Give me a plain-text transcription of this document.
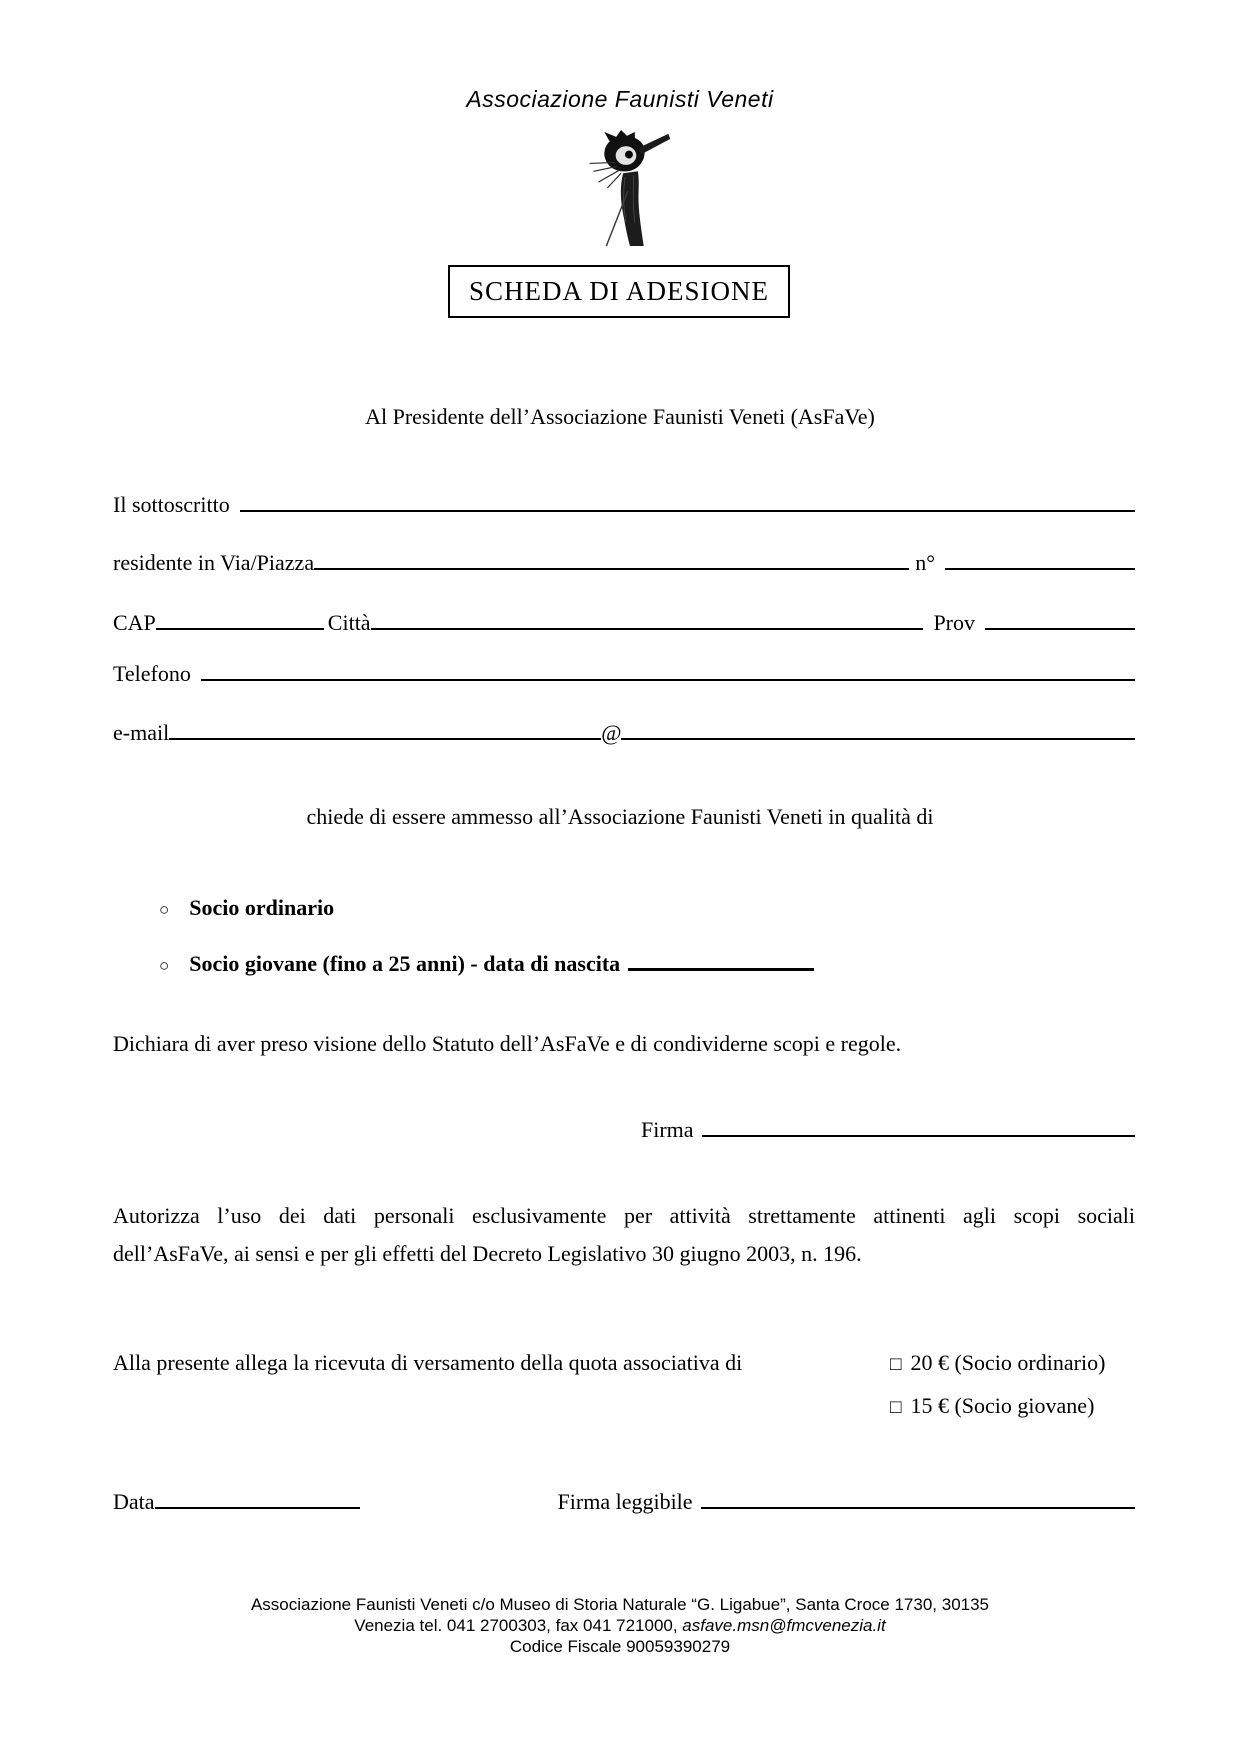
Associazione Faunisti Veneti
SCHEDA DI ADESIONE
Al Presidente dell’Associazione Faunisti Veneti (AsFaVe)
Il sottoscritto
residente in Via/Piazza	n°
CAP	Città	Prov
Telefono
e-mail	@
chiede di essere ammesso all’Associazione Faunisti Veneti in qualità di
○ Socio ordinario
○ Socio giovane (fino a 25 anni) - data di nascita
Dichiara di aver preso visione dello Statuto dell’AsFaVe e di condividerne scopi e regole.
Firma
Autorizza l’uso dei dati personali esclusivamente per attività strettamente attinenti agli scopi sociali
dell’AsFaVe, ai sensi e per gli effetti del Decreto Legislativo 30 giugno 2003, n. 196.
Alla presente allega la ricevuta di versamento della quota associativa di	□ 20 € (Socio ordinario)
□ 15 € (Socio giovane)
Data	Firma leggibile
Associazione Faunisti Veneti c/o Museo di Storia Naturale “G. Ligabue”, Santa Croce 1730, 30135
Venezia tel. 041 2700303, fax 041 721000, asfave.msn@fmcvenezia.it
Codice Fiscale 90059390279
